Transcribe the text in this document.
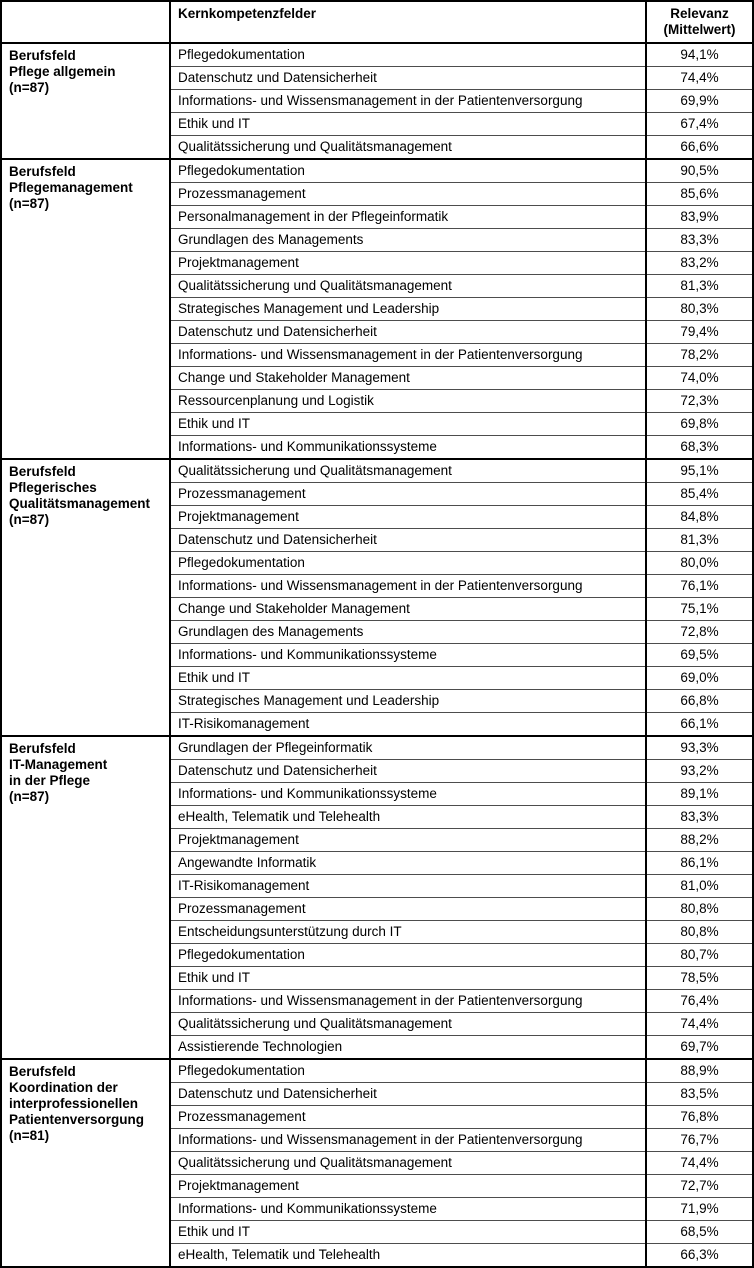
	Kernkompetenzfelder	Relevanz
(Mittelwert)
Berufsfeld
Pflege allgemein
(n=87)	Pflegedokumentation	94,1%
	Datenschutz und Datensicherheit	74,4%
	Informations- und Wissensmanagement in der Patientenversorgung	69,9%
	Ethik und IT	67,4%
	Qualitätssicherung und Qualitätsmanagement	66,6%
Berufsfeld
Pflegemanagement
(n=87)	Pflegedokumentation	90,5%
	Prozessmanagement	85,6%
	Personalmanagement in der Pflegeinformatik	83,9%
	Grundlagen des Managements	83,3%
	Projektmanagement	83,2%
	Qualitätssicherung und Qualitätsmanagement	81,3%
	Strategisches Management und Leadership	80,3%
	Datenschutz und Datensicherheit	79,4%
	Informations- und Wissensmanagement in der Patientenversorgung	78,2%
	Change und Stakeholder Management	74,0%
	Ressourcenplanung und Logistik	72,3%
	Ethik und IT	69,8%
	Informations- und Kommunikationssysteme	68,3%
Berufsfeld
Pflegerisches
Qualitätsmanagement
(n=87)	Qualitätssicherung und Qualitätsmanagement	95,1%
	Prozessmanagement	85,4%
	Projektmanagement	84,8%
	Datenschutz und Datensicherheit	81,3%
	Pflegedokumentation	80,0%
	Informations- und Wissensmanagement in der Patientenversorgung	76,1%
	Change und Stakeholder Management	75,1%
	Grundlagen des Managements	72,8%
	Informations- und Kommunikationssysteme	69,5%
	Ethik und IT	69,0%
	Strategisches Management und Leadership	66,8%
	IT-Risikomanagement	66,1%
Berufsfeld
IT-Management
in der Pflege
(n=87)	Grundlagen der Pflegeinformatik	93,3%
	Datenschutz und Datensicherheit	93,2%
	Informations- und Kommunikationssysteme	89,1%
	eHealth, Telematik und Telehealth	83,3%
	Projektmanagement	88,2%
	Angewandte Informatik	86,1%
	IT-Risikomanagement	81,0%
	Prozessmanagement	80,8%
	Entscheidungsunterstützung durch IT	80,8%
	Pflegedokumentation	80,7%
	Ethik und IT	78,5%
	Informations- und Wissensmanagement in der Patientenversorgung	76,4%
	Qualitätssicherung und Qualitätsmanagement	74,4%
	Assistierende Technologien	69,7%
Berufsfeld
Koordination der
interprofessionellen
Patientenversorgung
(n=81)	Pflegedokumentation	88,9%
	Datenschutz und Datensicherheit	83,5%
	Prozessmanagement	76,8%
	Informations- und Wissensmanagement in der Patientenversorgung	76,7%
	Qualitätssicherung und Qualitätsmanagement	74,4%
	Projektmanagement	72,7%
	Informations- und Kommunikationssysteme	71,9%
	Ethik und IT	68,5%
	eHealth, Telematik und Telehealth	66,3%
